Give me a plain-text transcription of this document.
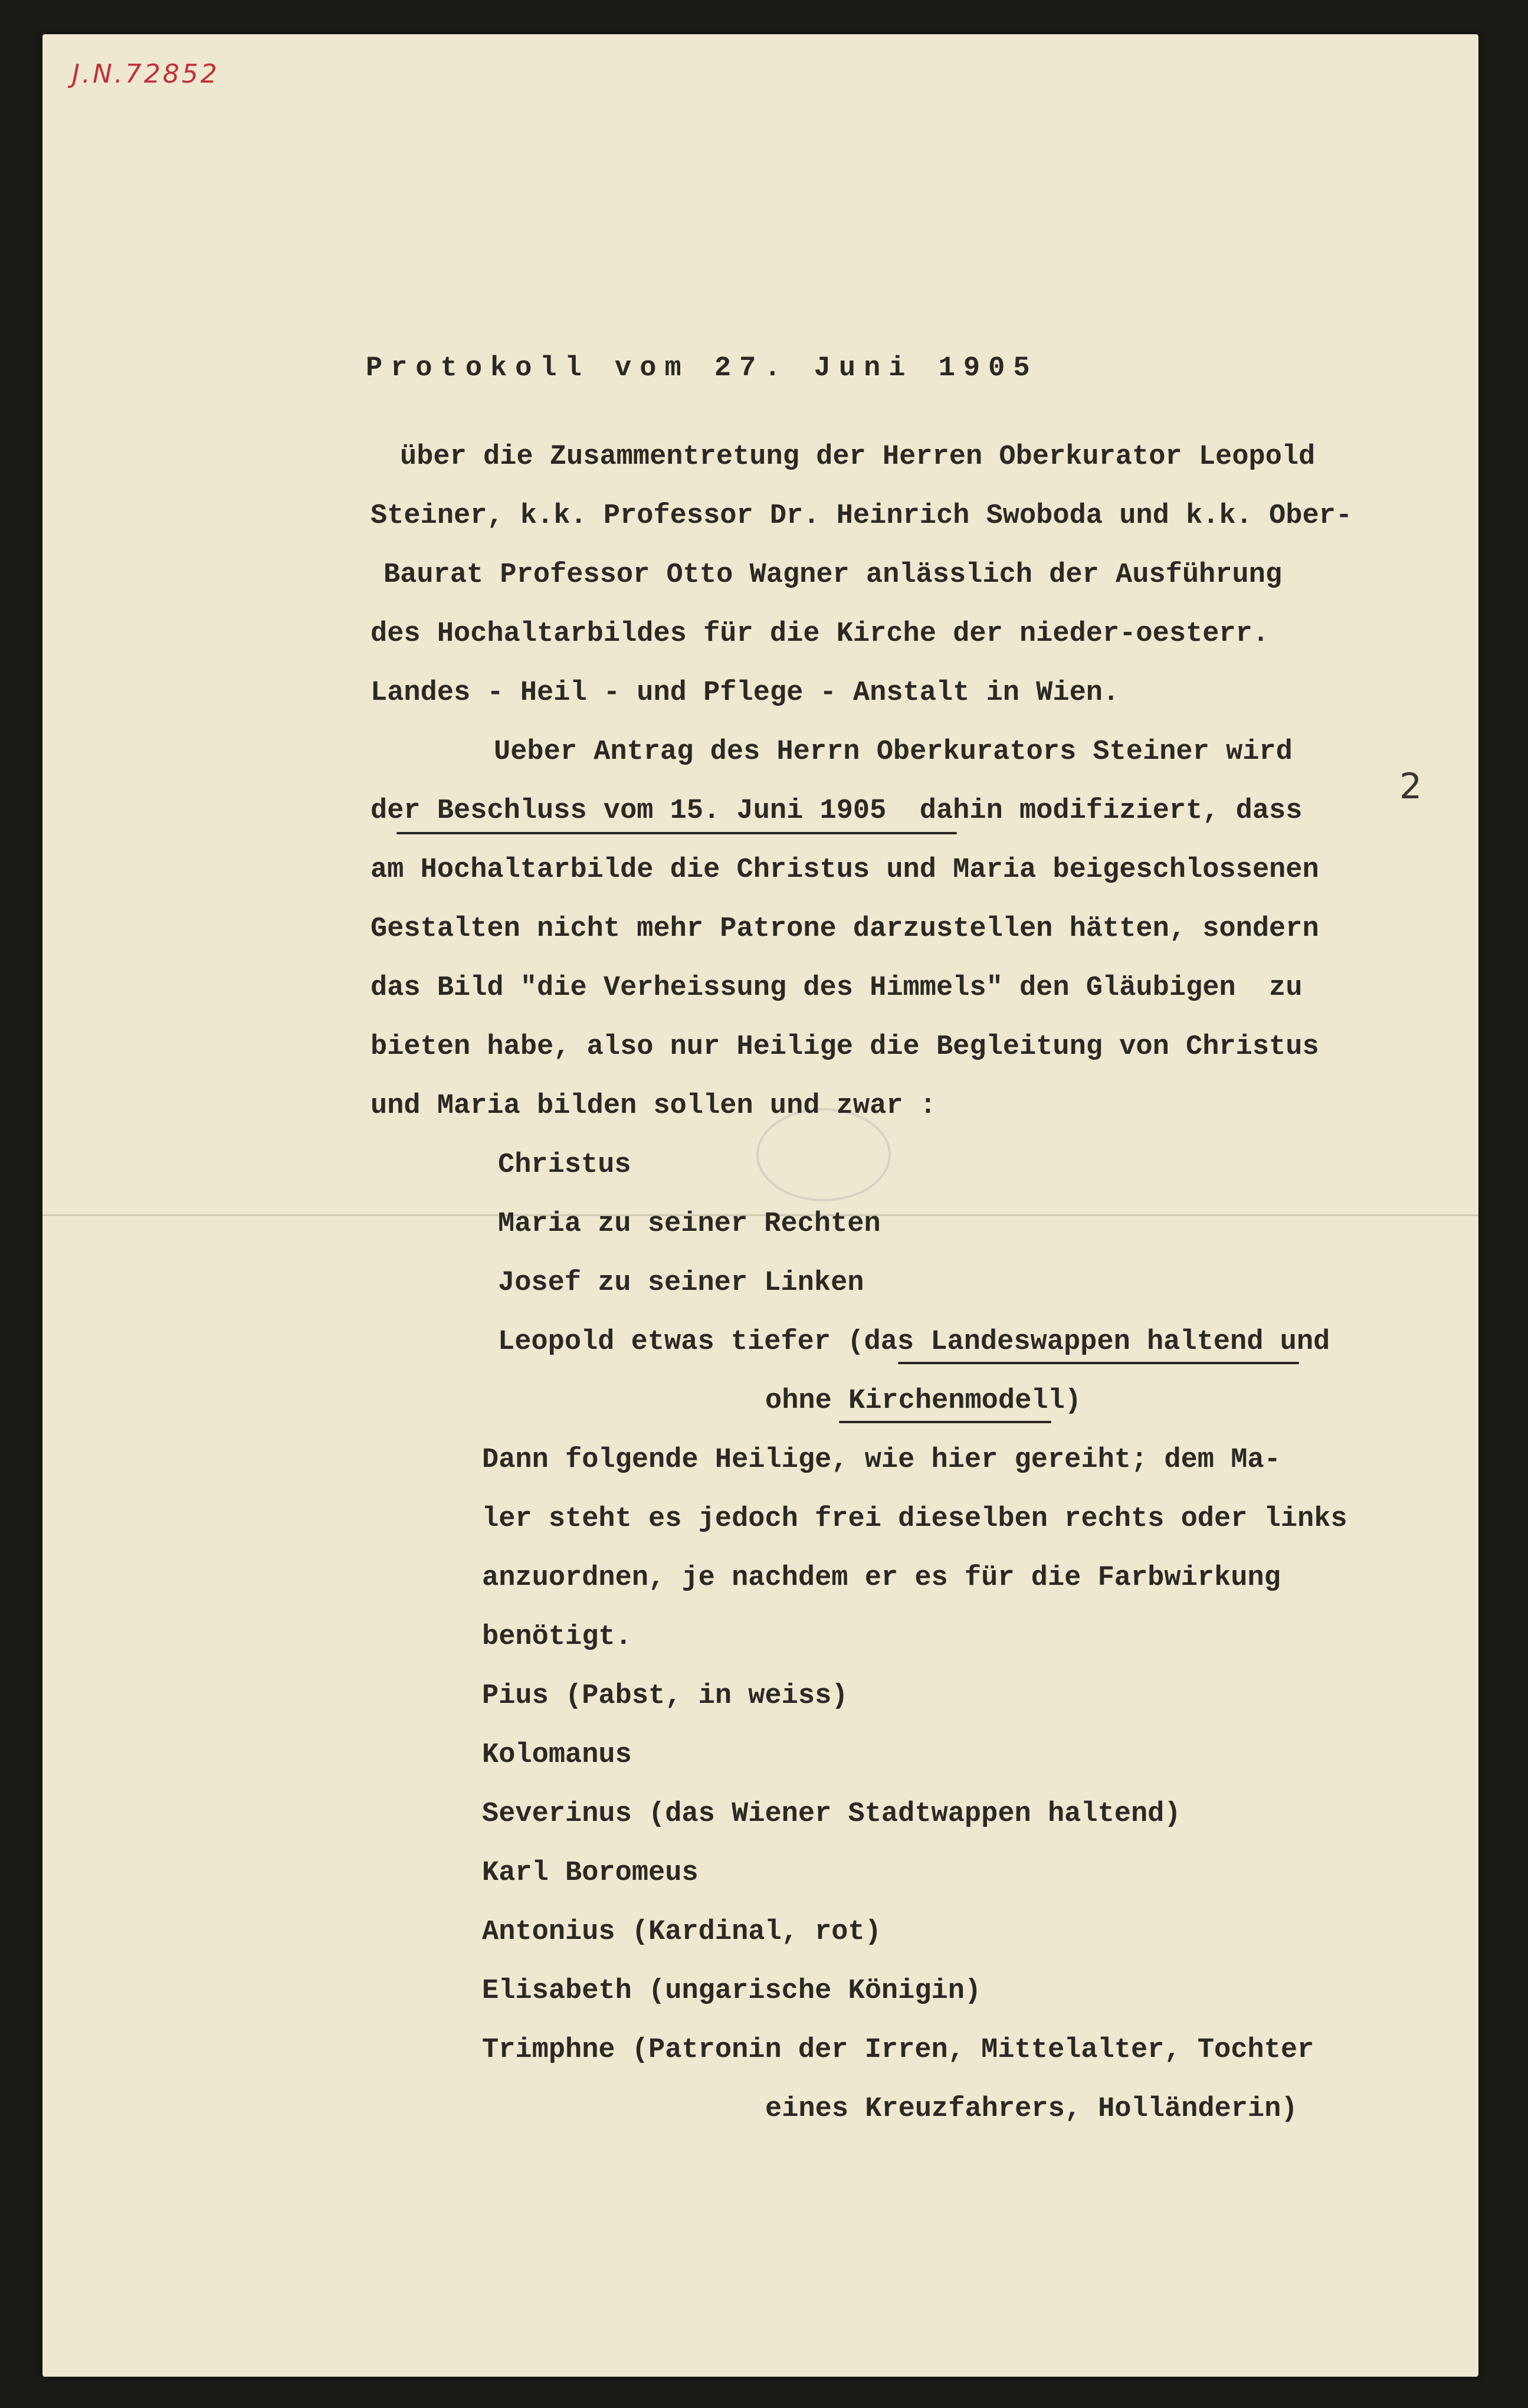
J.N.72852
2
Protokoll vom 27. Juni 1905
über die Zusammentretung der Herren Oberkurator Leopold
Steiner, k.k. Professor Dr. Heinrich Swoboda und k.k. Ober-
Baurat Professor Otto Wagner anlässlich der Ausführung
des Hochaltarbildes für die Kirche der nieder-oesterr.
Landes - Heil - und Pflege - Anstalt in Wien.
Ueber Antrag des Herrn Oberkurators Steiner wird
der Beschluss vom 15. Juni 1905  dahin modifiziert, dass
am Hochaltarbilde die Christus und Maria beigeschlossenen
Gestalten nicht mehr Patrone darzustellen hätten, sondern
das Bild "die Verheissung des Himmels" den Gläubigen  zu
bieten habe, also nur Heilige die Begleitung von Christus
und Maria bilden sollen und zwar :
Christus
Maria zu seiner Rechten
Josef zu seiner Linken
Leopold etwas tiefer (das Landeswappen haltend und
ohne Kirchenmodell)
Dann folgende Heilige, wie hier gereiht; dem Ma-
ler steht es jedoch frei dieselben rechts oder links
anzuordnen, je nachdem er es für die Farbwirkung
benötigt.
Pius (Pabst, in weiss)
Kolomanus
Severinus (das Wiener Stadtwappen haltend)
Karl Boromeus
Antonius (Kardinal, rot)
Elisabeth (ungarische Königin)
Trimphne (Patronin der Irren, Mittelalter, Tochter
eines Kreuzfahrers, Holländerin)
